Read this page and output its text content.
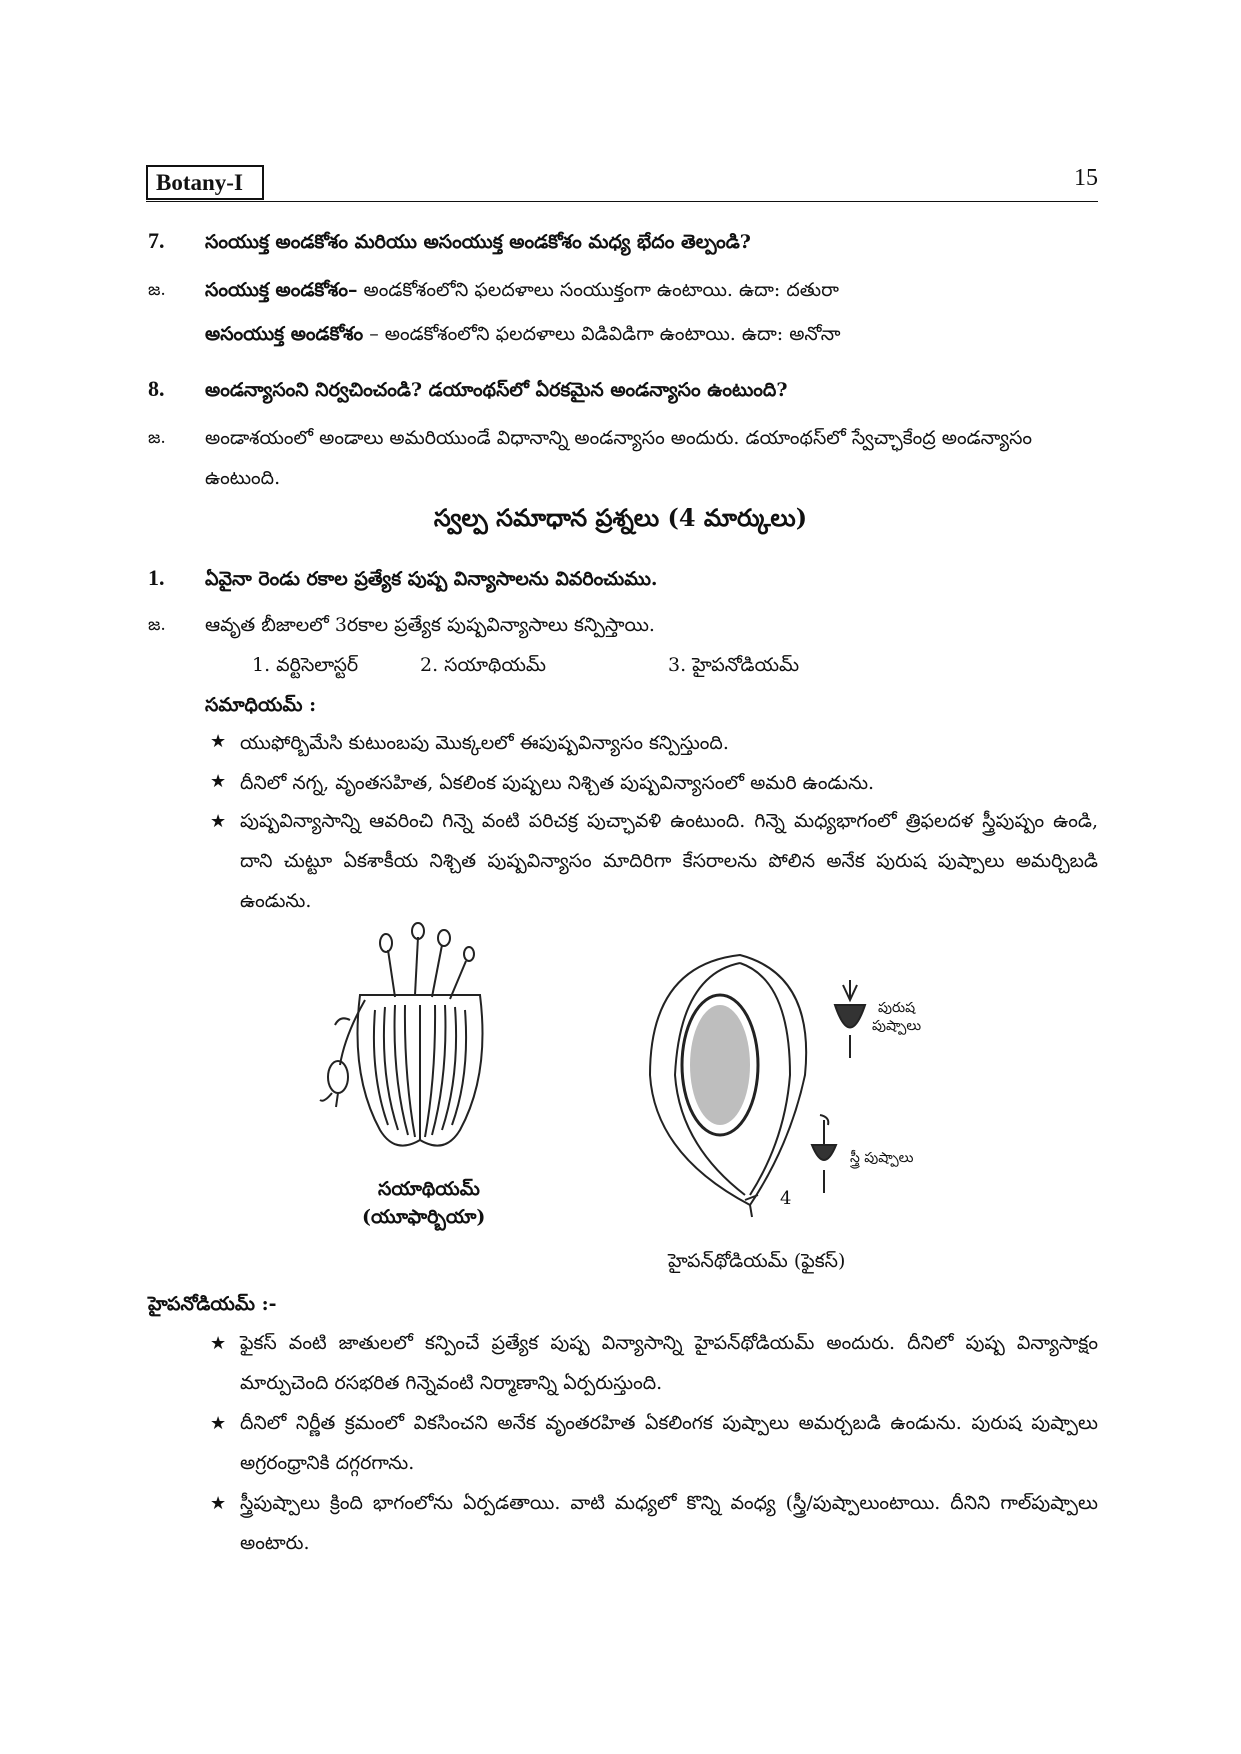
Botany-I	15
7. సంయుక్త అండకోశం మరియు అసంయుక్త అండకోశం మధ్య భేదం తెల్పండి?
జ. సంయుక్త అండకోశం– అండకోశంలోని ఫలదళాలు సంయుక్తంగా ఉంటాయి. ఉదా: దతురా
అసంయుక్త అండకోశం – అండకోశంలోని ఫలదళాలు విడివిడిగా ఉంటాయి. ఉదా: అనోనా
8. అండన్యాసంని నిర్వచించండి? డయాంథస్‌లో ఏరకమైన అండన్యాసం ఉంటుంది?
జ. అండాశయంలో అండాలు అమరియుండే విధానాన్ని అండన్యాసం అందురు. డయాంథస్‌లో స్వేచ్ఛాకేంద్ర అండన్యాసం ఉంటుంది.
స్వల్ప సమాధాన ప్రశ్నలు (4 మార్కులు)
1. ఏవైనా రెండు రకాల ప్రత్యేక పుష్ప విన్యాసాలను వివరించుము.
జ. ఆవృత బీజాలలో 3రకాల ప్రత్యేక పుష్పవిన్యాసాలు కన్పిస్తాయి.
1. వర్టిసెలాస్టర్	2. సయాథియమ్	3. హైపనోడియమ్
సమాధియమ్ :
★ యుఫోర్బిమేసి కుటుంబపు మొక్కలలో ఈపుష్పవిన్యాసం కన్పిస్తుంది.
★ దీనిలో నగ్న, వృంతసహిత, ఏకలింక పుష్పలు నిశ్చిత పుష్పవిన్యాసంలో అమరి ఉండును.
★ పుష్పవిన్యాసాన్ని ఆవరించి గిన్నె వంటి పరిచక్ర పుచ్ఛావళి ఉంటుంది. గిన్నె మధ్యభాగంలో త్రిఫలదళ స్త్రీపుష్పం ఉండి, దాని చుట్టూ ఏకశాకీయ నిశ్చిత పుష్పవిన్యాసం మాదిరిగా కేసరాలను పోలిన అనేక పురుష పుష్పాలు అమర్చిబడి ఉండును.
సయాథియమ్
(యూఫార్బియా)
పురుష
పుష్పాలు
స్త్రీ పుష్పాలు
4
హైపన్‌థోడియమ్ (ఫైకస్)
హైపనోడియమ్ :-
★ ఫైకస్ వంటి జాతులలో కన్పించే ప్రత్యేక పుష్ప విన్యాసాన్ని హైపన్‌థోడియమ్ అందురు. దీనిలో పుష్ప విన్యాసాక్షం మార్పుచెంది రసభరిత గిన్నెవంటి నిర్మాణాన్ని ఏర్పరుస్తుంది.
★ దీనిలో నిర్ణీత క్రమంలో వికసించని అనేక వృంతరహిత ఏకలింగక పుష్పాలు అమర్చబడి ఉండును. పురుష పుష్పాలు అగ్రరంధ్రానికి దగ్గరగాను.
★ స్త్రీపుష్పాలు క్రింది భాగంలోను ఏర్పడతాయి. వాటి మధ్యలో కొన్ని వంధ్య (స్త్రీ/పుష్పాలుంటాయి. దీనిని గాల్‌పుష్పాలు అంటారు.
